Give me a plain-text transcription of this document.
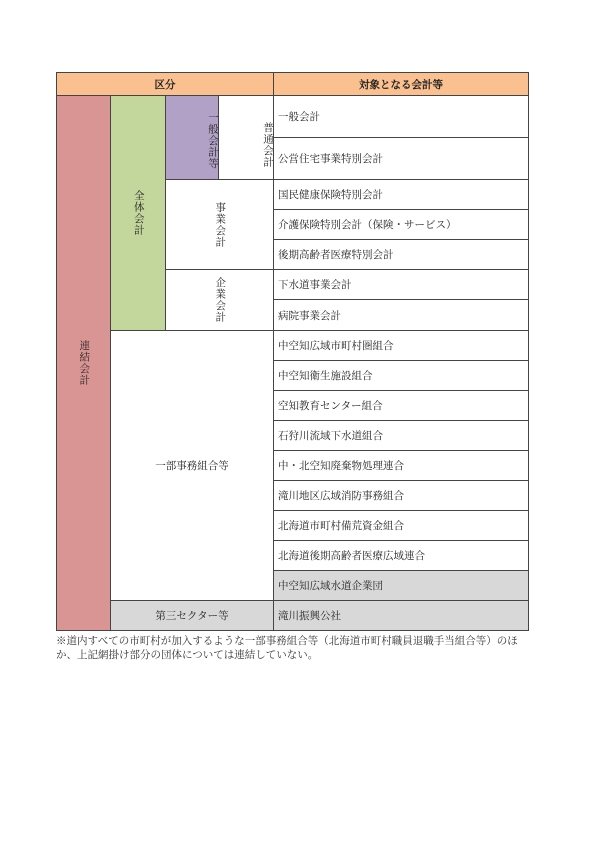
区分	対象となる会計等
連結会計
全体会計
一般会計等	普通会計
事業会計
企業会計
一部事務組合等
第三セクター等
一般会計
公営住宅事業特別会計
国民健康保険特別会計
介護保険特別会計（保険・サービス）
後期高齢者医療特別会計
下水道事業会計
病院事業会計
中空知広域市町村圏組合
中空知衛生施設組合
空知教育センター組合
石狩川流域下水道組合
中・北空知廃棄物処理連合
滝川地区広域消防事務組合
北海道市町村備荒資金組合
北海道後期高齢者医療広域連合
中空知広域水道企業団
滝川振興公社
※道内すべての市町村が加入するような一部事務組合等（北海道市町村職員退職手当組合等）のほか、上記網掛け部分の団体については連結していない。
